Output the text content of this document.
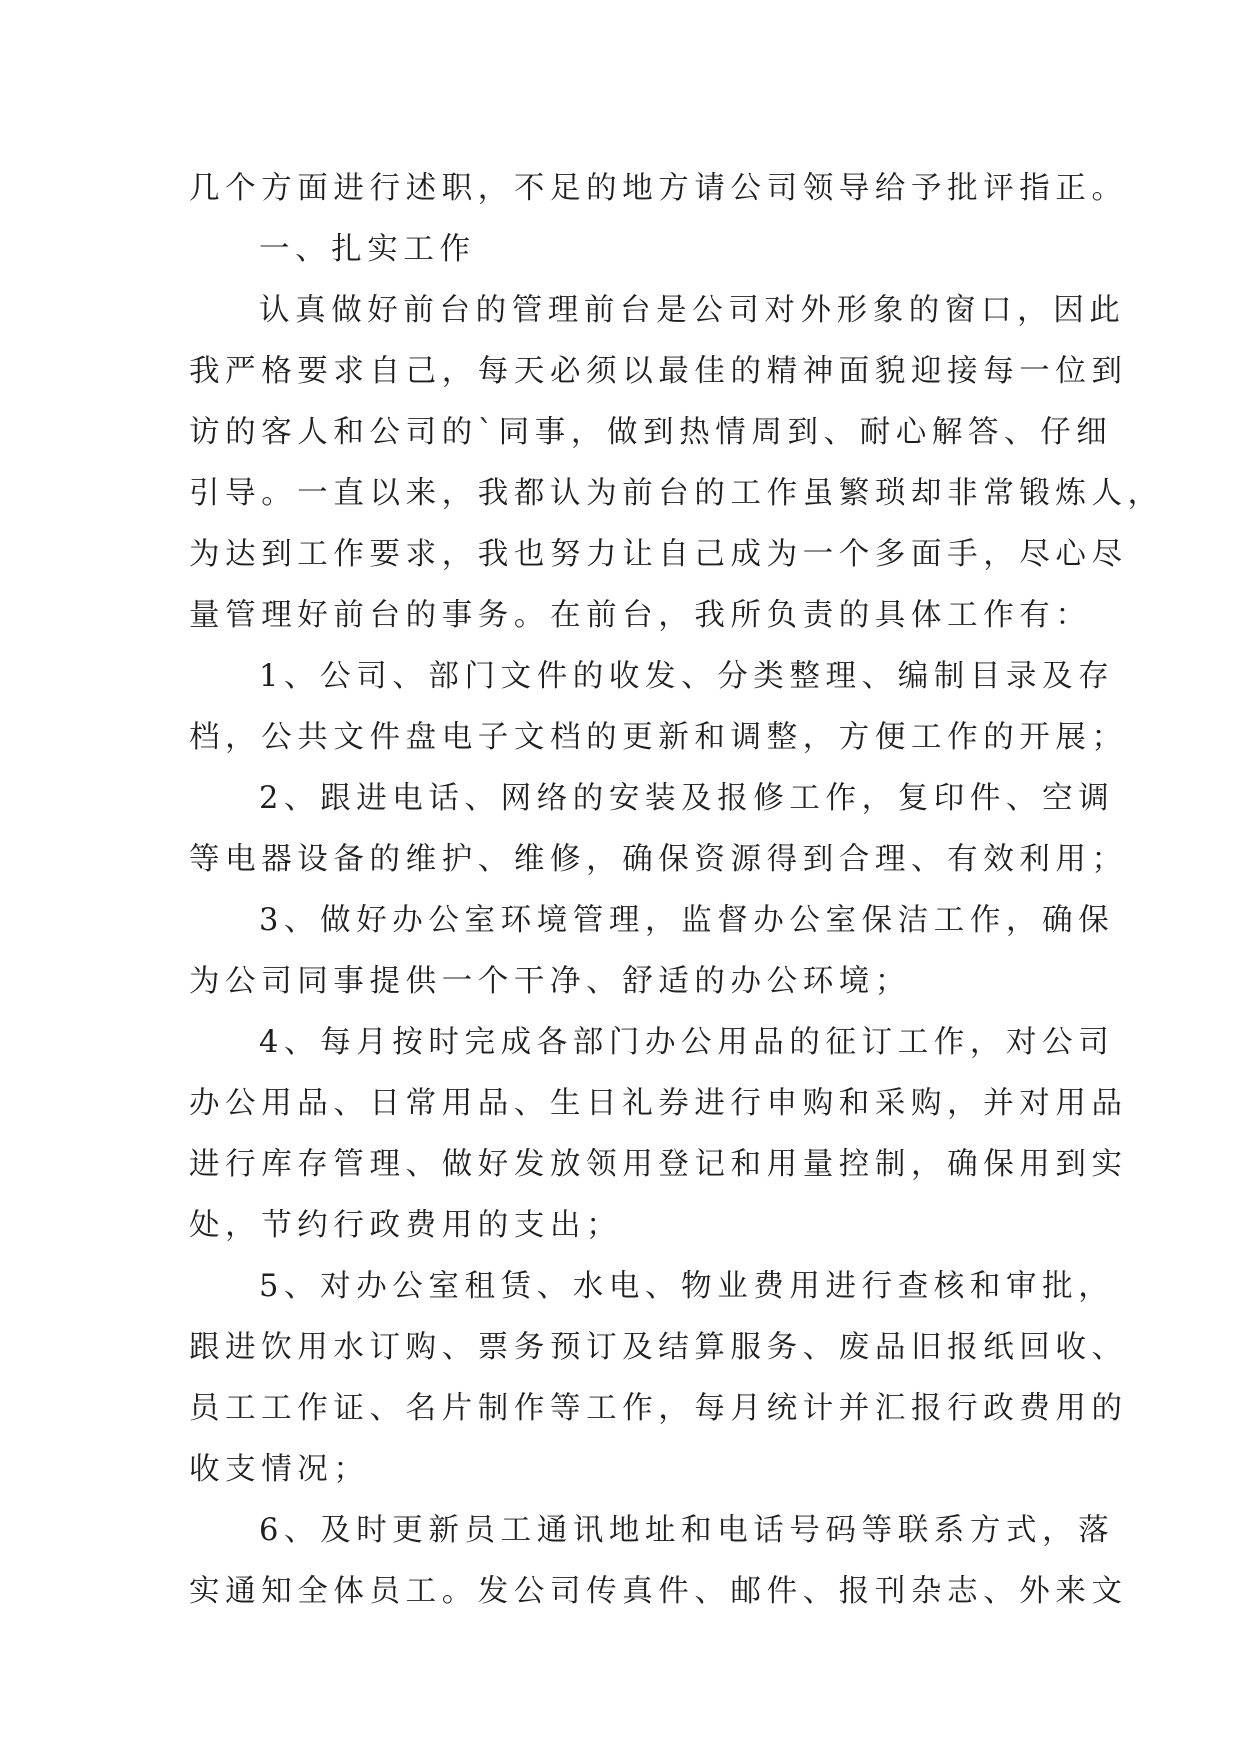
几个方面进行述职，不足的地方请公司领导给予批评指正。
一、扎实工作
认真做好前台的管理前台是公司对外形象的窗口，因此
我严格要求自己，每天必须以最佳的精神面貌迎接每一位到
访的客人和公司的`同事，做到热情周到、耐心解答、仔细
引导。一直以来，我都认为前台的工作虽繁琐却非常锻炼人，
为达到工作要求，我也努力让自己成为一个多面手，尽心尽
量管理好前台的事务。在前台，我所负责的具体工作有：
1、公司、部门文件的收发、分类整理、编制目录及存
档，公共文件盘电子文档的更新和调整，方便工作的开展；
2、跟进电话、网络的安装及报修工作，复印件、空调
等电器设备的维护、维修，确保资源得到合理、有效利用；
3、做好办公室环境管理，监督办公室保洁工作，确保
为公司同事提供一个干净、舒适的办公环境；
4、每月按时完成各部门办公用品的征订工作，对公司
办公用品、日常用品、生日礼券进行申购和采购，并对用品
进行库存管理、做好发放领用登记和用量控制，确保用到实
处，节约行政费用的支出；
5、对办公室租赁、水电、物业费用进行查核和审批，
跟进饮用水订购、票务预订及结算服务、废品旧报纸回收、
员工工作证、名片制作等工作，每月统计并汇报行政费用的
收支情况；
6、及时更新员工通讯地址和电话号码等联系方式，落
实通知全体员工。发公司传真件、邮件、报刊杂志、外来文
